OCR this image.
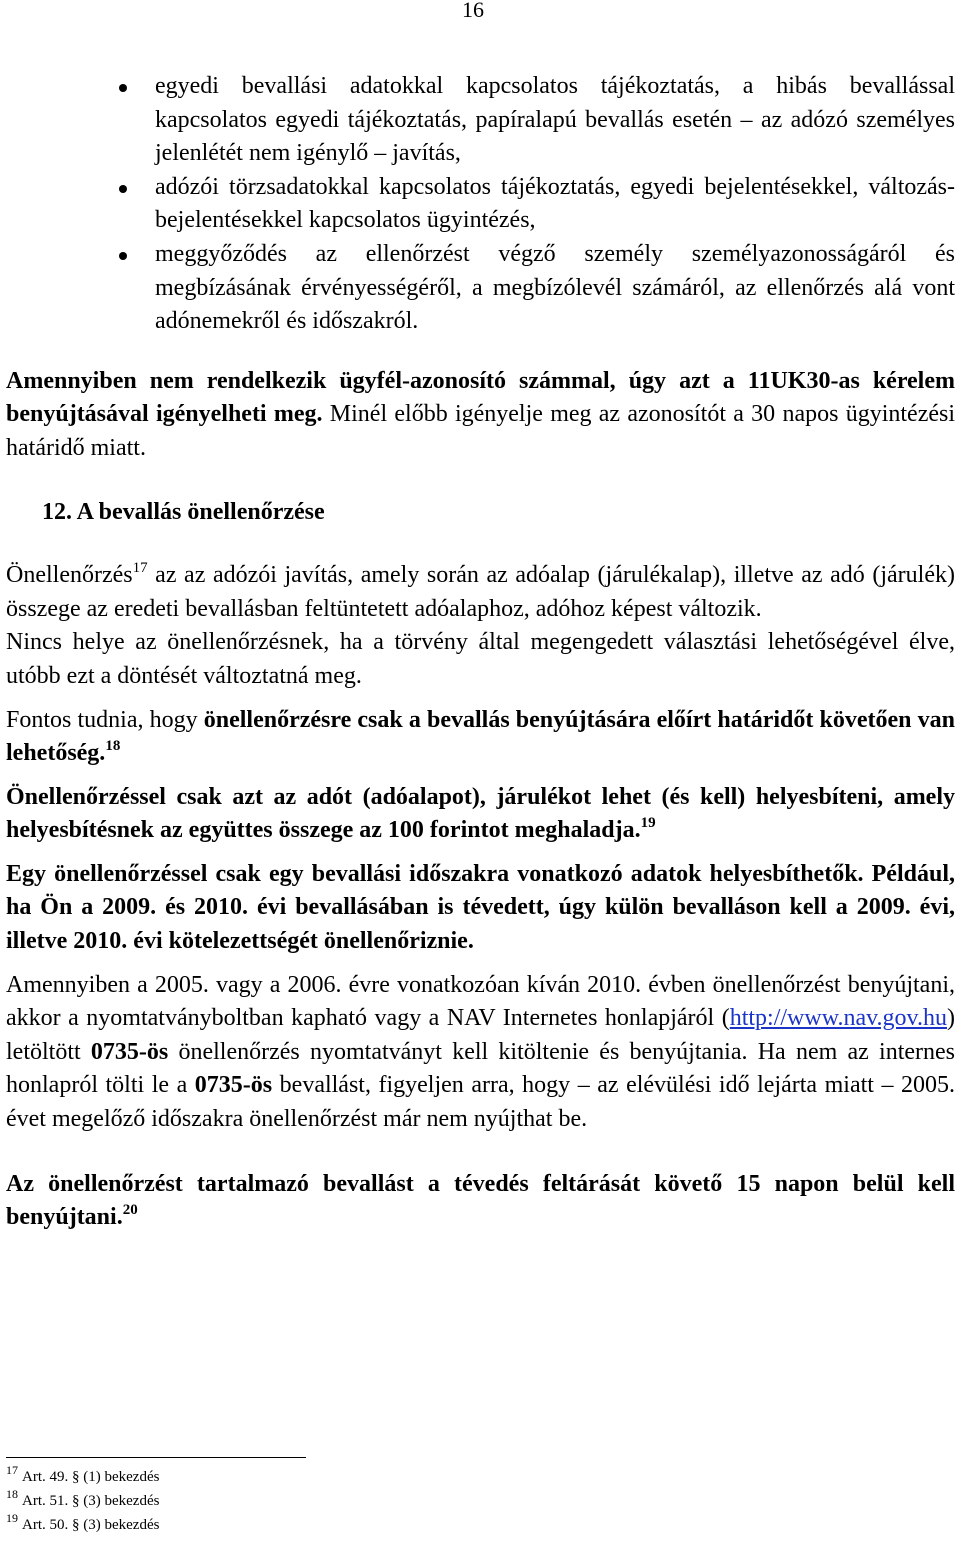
16
egyedi bevallási adatokkal kapcsolatos tájékoztatás, a hibás bevallással kapcsolatos egyedi tájékoztatás, papíralapú bevallás esetén – az adózó személyes jelenlétét nem igénylő – javítás,
adózói törzsadatokkal kapcsolatos tájékoztatás, egyedi bejelentésekkel, változás-bejelentésekkel kapcsolatos ügyintézés,
meggyőződés az ellenőrzést végző személy személyazonosságáról és megbízásának érvényességéről, a megbízólevél számáról, az ellenőrzés alá vont adónemekről és időszakról.

Amennyiben nem rendelkezik ügyfél-azonosító számmal, úgy azt a 11UK30-as kérelem benyújtásával igényelheti meg. Minél előbb igényelje meg az azonosítót a 30 napos ügyintézési határidő miatt.

12. A bevallás önellenőrzése

Önellenőrzés$^{17}$ az az adózói javítás, amely során az adóalap (járulékalap), illetve az adó (járulék) összege az eredeti bevallásban feltüntetett adóalaphoz, adóhoz képest változik.

Nincs helye az önellenőrzésnek, ha a törvény által megengedett választási lehetőségével élve, utóbb ezt a döntését változtatná meg.

Fontos tudnia, hogy önellenőrzésre csak a bevallás benyújtására előírt határidőt követően van lehetőség.$^{18}$

Önellenőrzéssel csak azt az adót (adóalapot), járulékot lehet (és kell) helyesbíteni, amely helyesbítésnek az együttes összege az 100 forintot meghaladja.$^{19}$

Egy önellenőrzéssel csak egy bevallási időszakra vonatkozó adatok helyesbíthetők. Például, ha Ön a 2009. és 2010. évi bevallásában is tévedett, úgy külön bevalláson kell a 2009. évi, illetve 2010. évi kötelezettségét önellenőriznie.

Amennyiben a 2005. vagy a 2006. évre vonatkozóan kíván 2010. évben önellenőrzést benyújtani, akkor a nyomtatványboltban kapható vagy a NAV Internetes honlapjáról (http://www.nav.gov.hu) letöltött 0735-ös önellenőrzés nyomtatványt kell kitöltenie és benyújtania. Ha nem az internes honlapról tölti le a 0735-ös bevallást, figyeljen arra, hogy – az elévülési idő lejárta miatt – 2005. évet megelőző időszakra önellenőrzést már nem nyújthat be.

Az önellenőrzést tartalmazó bevallást a tévedés feltárását követő 15 napon belül kell benyújtani.$^{20}$

$^{17}$ Art. 49. § (1) bekezdés
$^{18}$ Art. 51. § (3) bekezdés
$^{19}$ Art. 50. § (3) bekezdés
